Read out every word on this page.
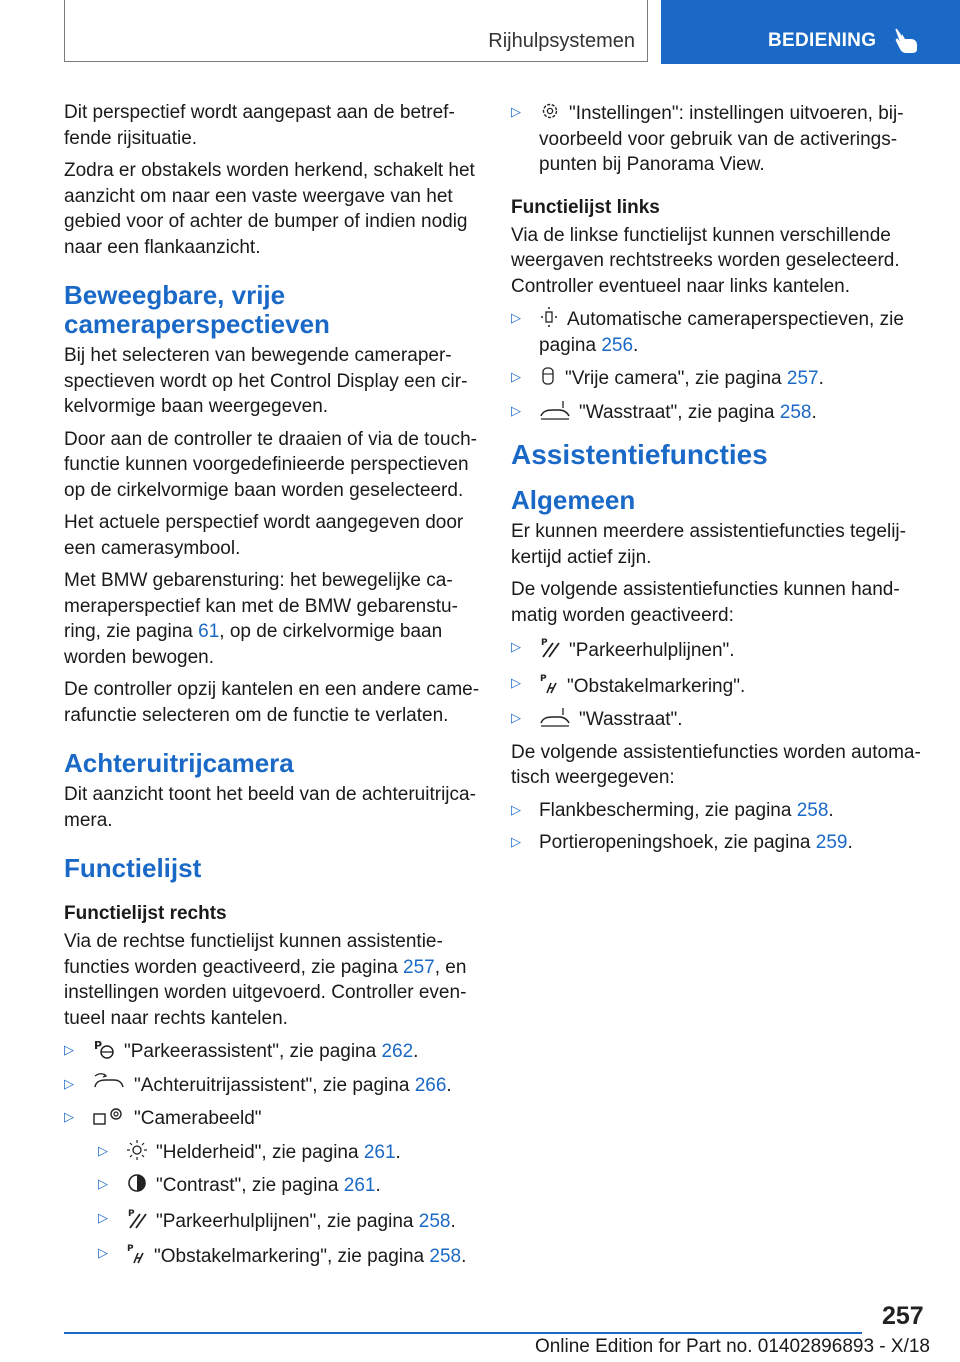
Rijhulpsystemen	BEDIENING

Dit perspectief wordt aangepast aan de betreffende rijsituatie.

Zodra er obstakels worden herkend, schakelt het aanzicht om naar een vaste weergave van het gebied voor of achter de bumper of indien nodig naar een flankaanzicht.

Beweegbare, vrije cameraperspectieven

Bij het selecteren van bewegende cameraperspectieven wordt op het Control Display een cirkelvormige baan weergegeven.

Door aan de controller te draaien of via de touchfunctie kunnen voorgedefinieerde perspectieven op de cirkelvormige baan worden geselecteerd.

Het actuele perspectief wordt aangegeven door een camerasymbool.

Met BMW gebarensturing: het bewegelijke cameraperspectief kan met de BMW gebarensturing, zie pagina 61, op de cirkelvormige baan worden bewogen.

De controller opzij kantelen en een andere camerafunctie selecteren om de functie te verlaten.

Achteruitrijcamera

Dit aanzicht toont het beeld van de achteruitrijcamera.

Functielijst
Functielijst rechts

Via de rechtse functielijst kunnen assistentiefuncties worden geactiveerd, zie pagina 257, en instellingen worden uitgevoerd. Controller eventueel naar rechts kantelen.

▷ P "Parkeerassistent", zie pagina 262.
▷ "Achteruitrijassistent", zie pagina 266.
▷ "Camerabeeld"
▷ "Helderheid", zie pagina 261.
▷ "Contrast", zie pagina 261.
▷ P "Parkeerhulplijnen", zie pagina 258.
▷ P "Obstakelmarkering", zie pagina 258.
▷ "Instellingen": instellingen uitvoeren, bijvoorbeeld voor gebruik van de activeringspunten bij Panorama View.
Functielijst links

Via de linkse functielijst kunnen verschillende weergaven rechtstreeks worden geselecteerd. Controller eventueel naar links kantelen.

▷ Automatische cameraperspectieven, zie pagina 256.
▷ "Vrije camera", zie pagina 257.
▷ "Wasstraat", zie pagina 258.
Assistentiefuncties
Algemeen

Er kunnen meerdere assistentiefuncties tegelijkertijd actief zijn.

De volgende assistentiefuncties kunnen handmatig worden geactiveerd:

▷ P "Parkeerhulplijnen".
▷ P "Obstakelmarkering".
▷ "Wasstraat".

De volgende assistentiefuncties worden automatisch weergegeven:

▷ Flankbescherming, zie pagina 258.
▷ Portieropeningshoek, zie pagina 259.
257
Online Edition for Part no. 01402896893 - X/18
